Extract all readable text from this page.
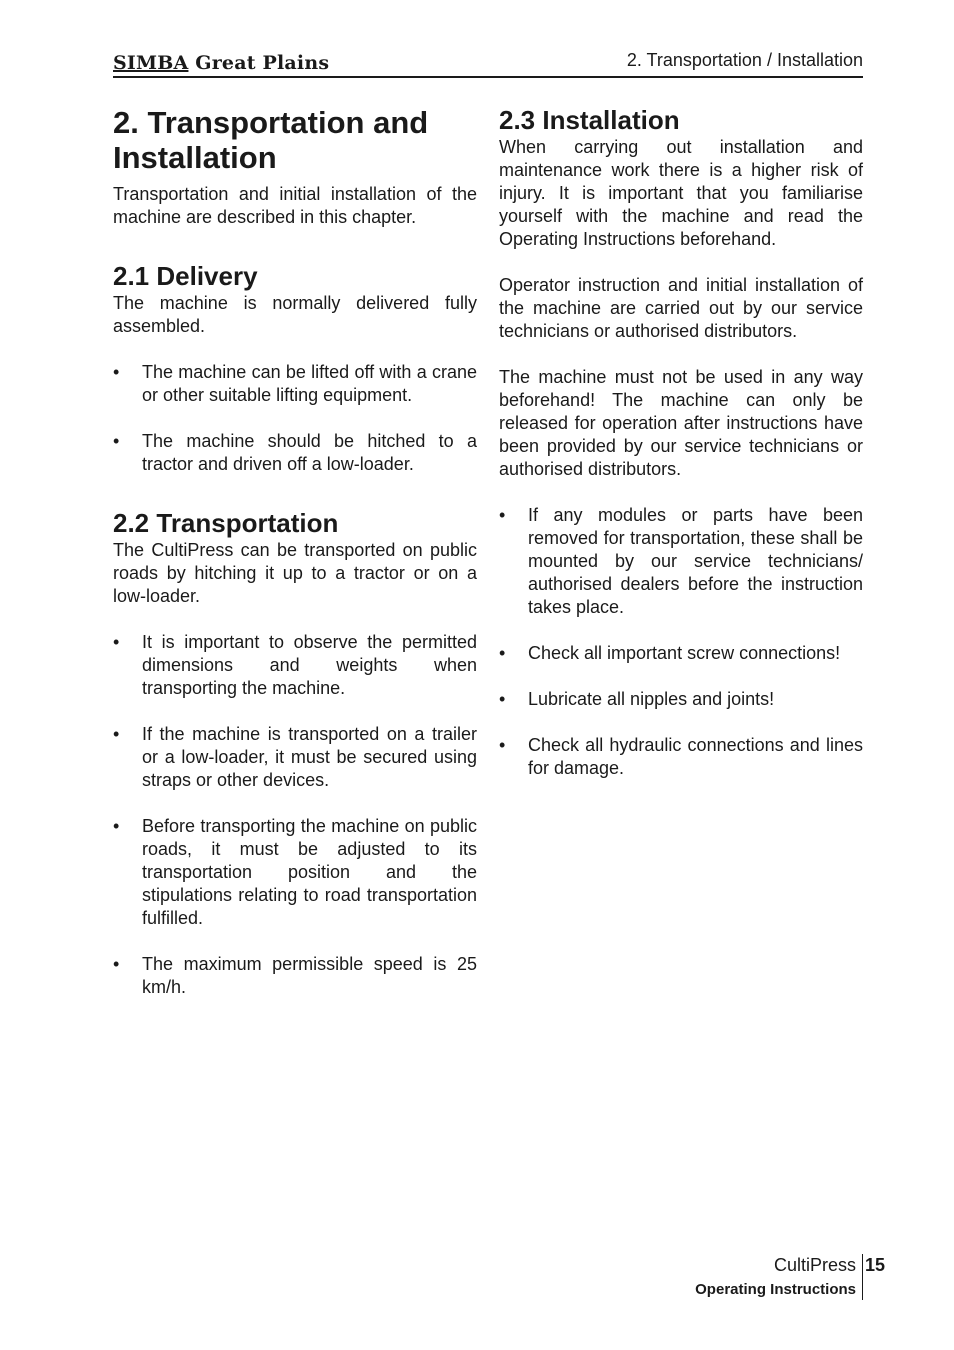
SIMBA Great Plains	2. Transportation / Installation
2. Transportation and
Installation

Transportation and initial installation of the machine are described in this chapter.

2.1 Delivery

The machine is normally delivered fully assembled.

• The machine can be lifted off with a crane or other suitable lifting equipment.
• The machine should be hitched to a tractor and driven off a low-loader.
2.2 Transportation

The CultiPress can be transported on public roads by hitching it up to a tractor or on a low-loader.

• It is important to observe the permitted dimensions and weights when transporting the machine.
• If the machine is transported on a trailer or a low-loader, it must be secured using straps or other devices.
• Before transporting the machine on public roads, it must be adjusted to its transportation position and the stipulations relating to road transportation fulfilled.
• The maximum permissible speed is 25 km/h.
2.3 Installation

When carrying out installation and maintenance work there is a higher risk of injury. It is important that you familiarise yourself with the machine and read the Operating Instructions beforehand.

Operator instruction and initial installation of the machine are carried out by our service technicians or authorised distributors.

The machine must not be used in any way beforehand! The machine can only be released for operation after instructions have been provided by our service technicians or authorised distributors.

• If any modules or parts have been removed for transportation, these shall be mounted by our service technicians/ authorised dealers before the instruction takes place.
• Check all important screw connections!
• Lubricate all nipples and joints!
• Check all hydraulic connections and lines for damage.
CultiPress
Operating Instructions
15
